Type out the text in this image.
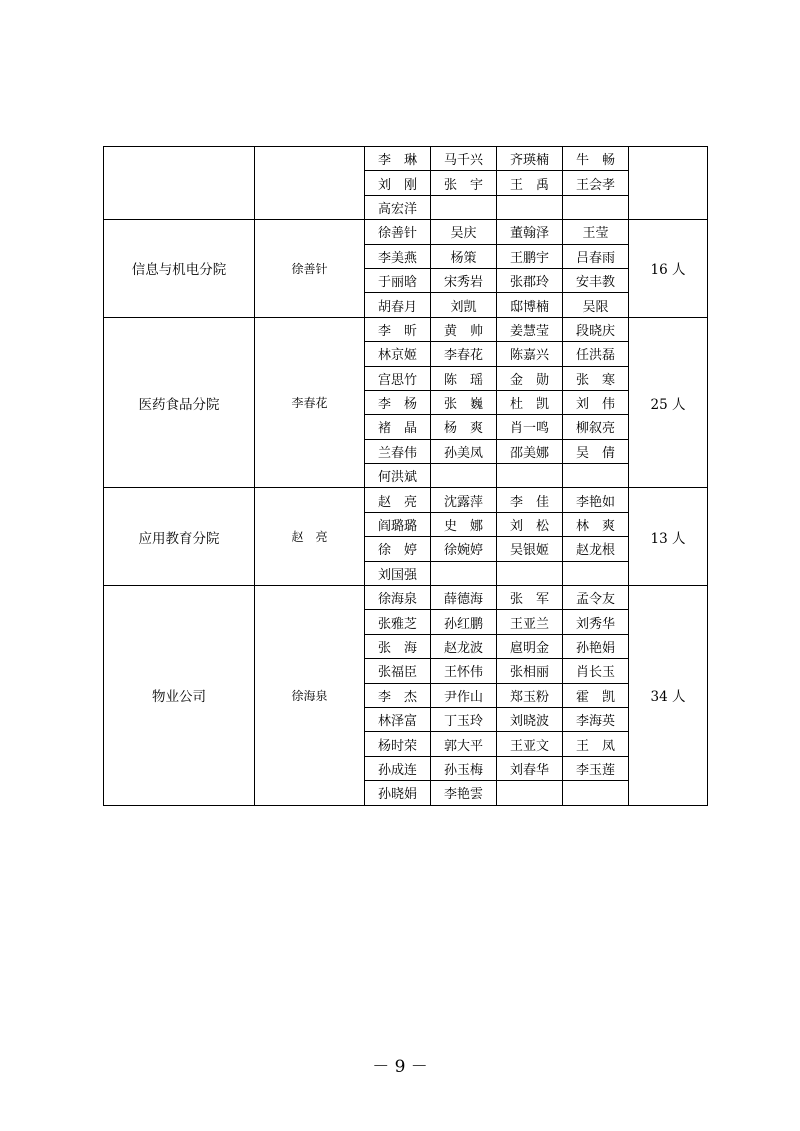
		李　琳	马千兴	齐瑛楠	牛　畅	
		刘　刚	张　宇	王　禹	王会孝	
		高宏洋				
信息与机电分院	徐善针	徐善针	吴庆	董翰泽	王莹	16 人
		李美燕	杨策	王鹏宇	吕春雨	
		于丽晗	宋秀岩	张郡玲	安丰教	
		胡春月	刘凯	邸博楠	吴限	
医药食品分院	李春花	李　昕	黄　帅	姜慧莹	段晓庆	25 人
		林京姬	李春花	陈嘉兴	任洪磊	
		宫思竹	陈　瑶	金　勋	张　寒	
		李　杨	张　巍	杜　凯	刘　伟	
		褚　晶	杨　爽	肖一鸣	柳叙亮	
		兰春伟	孙美凤	邵美娜	吴　倩	
		何洪斌				
应用教育分院	赵　亮	赵　亮	沈露萍	李　佳	李艳如	13 人
		阎璐璐	史　娜	刘　松	林　爽	
		徐　婷	徐婉婷	吴银姬	赵龙根	
		刘国强				
物业公司	徐海泉	徐海泉	薛德海	张　军	孟令友	34 人
		张雅芝	孙红鹏	王亚兰	刘秀华	
		张　海	赵龙波	扈明金	孙艳娟	
		张福臣	王怀伟	张相丽	肖长玉	
		李　杰	尹作山	郑玉粉	霍　凯	
		林泽富	丁玉玲	刘晓波	李海英	
		杨时荣	郭大平	王亚文	王　凤	
		孙成连	孙玉梅	刘春华	李玉莲	
		孙晓娟	李艳雲			
－ 9 －
